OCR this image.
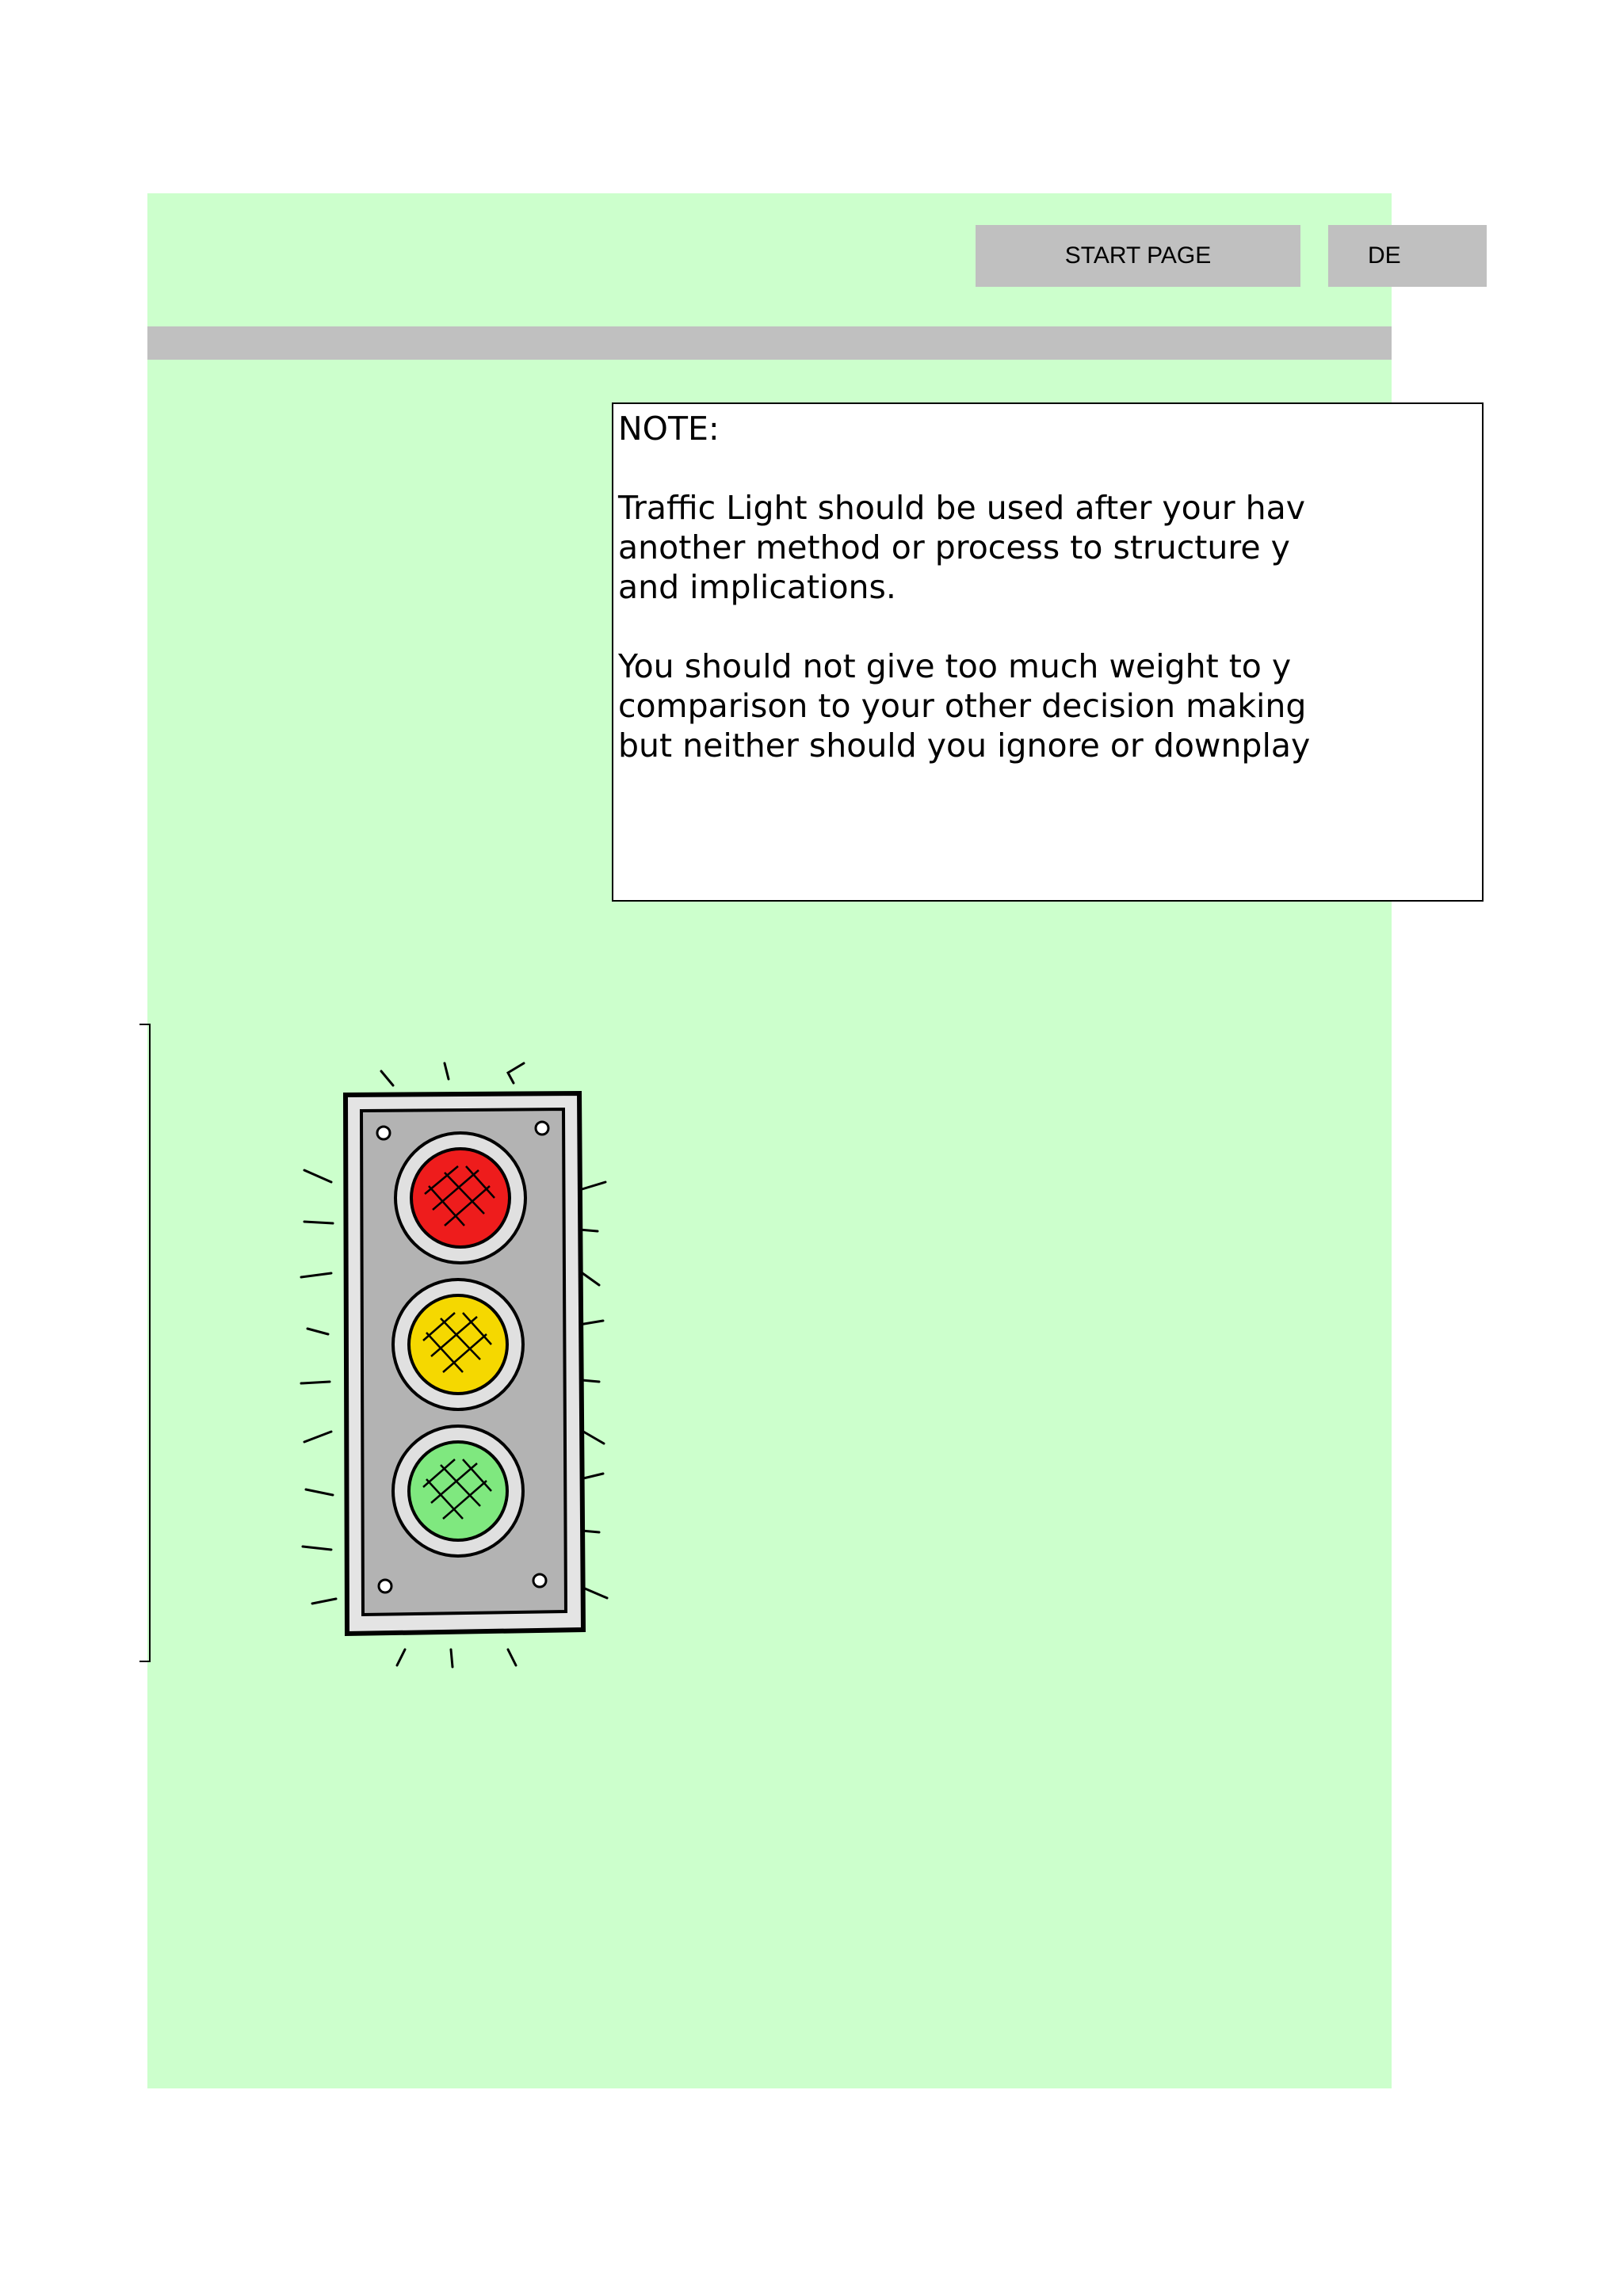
START PAGE	DE

NOTE:

Traffic Light should be used after your hav

another method or process to structure y

and implications.

You should not give too much weight to y

comparison to your other decision making

but neither should you ignore or downplay
